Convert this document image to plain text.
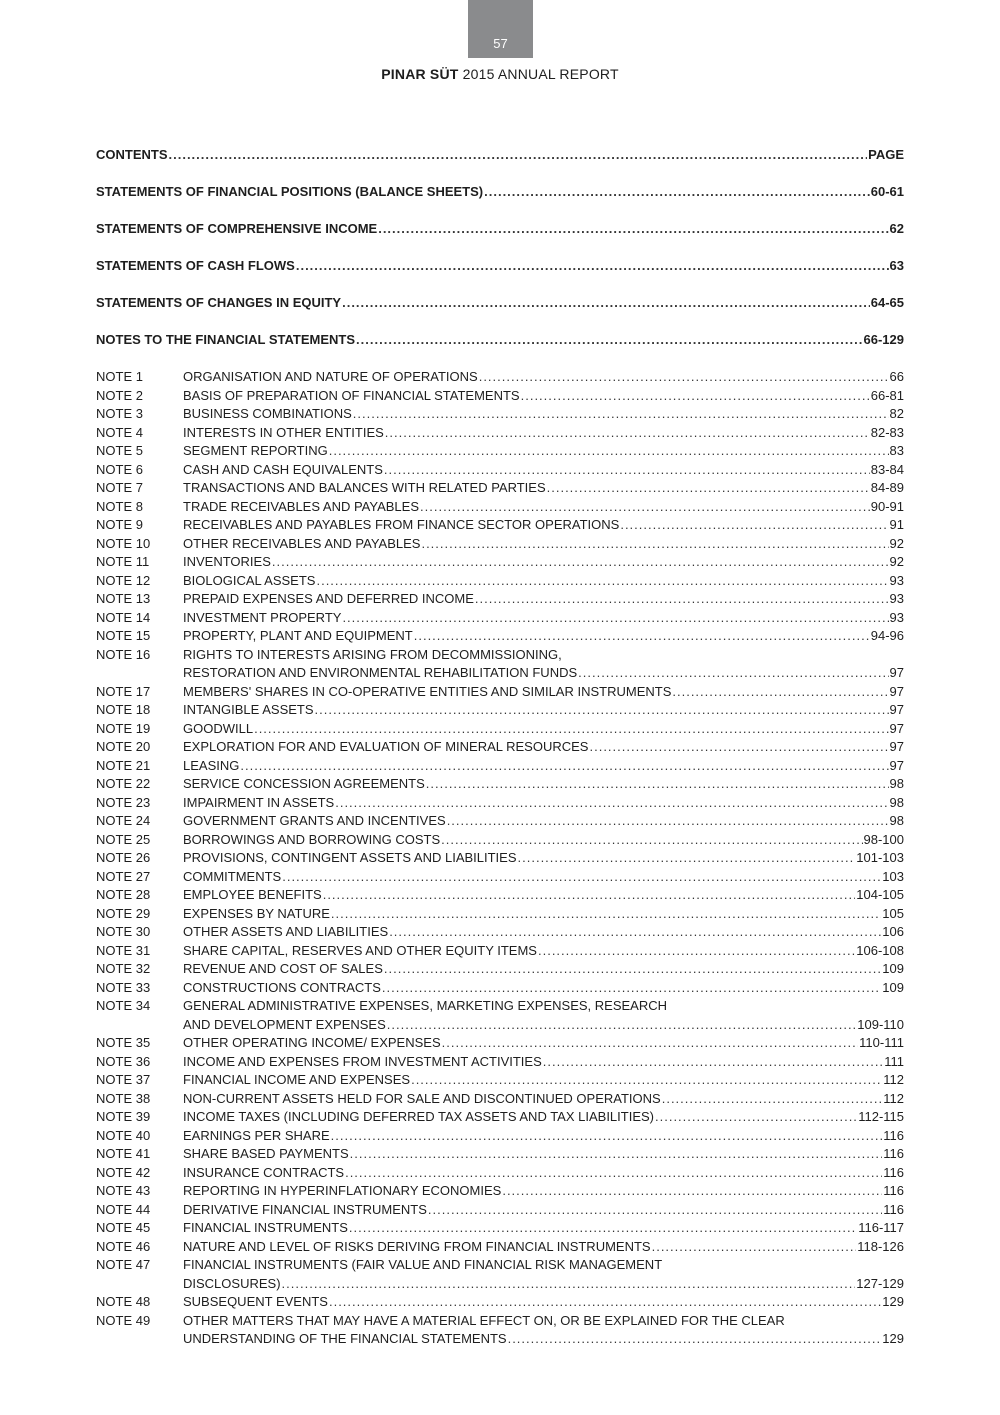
57
PINAR SÜT 2015 ANNUAL REPORT
CONTENTS .....	PAGE
STATEMENTS OF FINANCIAL POSITIONS (BALANCE SHEETS) .....	60-61
STATEMENTS OF COMPREHENSIVE INCOME .....	62
STATEMENTS OF CASH FLOWS .....	63
STATEMENTS OF CHANGES IN EQUITY .....	64-65
NOTES TO THE FINANCIAL STATEMENTS .....	66-129
NOTE 1	ORGANISATION AND NATURE OF OPERATIONS .....	66
NOTE 2	BASIS OF PREPARATION OF FINANCIAL STATEMENTS .....	66-81
NOTE 3	BUSINESS COMBINATIONS .....	82
NOTE 4	INTERESTS IN OTHER ENTITIES .....	82-83
NOTE 5	SEGMENT REPORTING .....	83
NOTE 6	CASH AND CASH EQUIVALENTS .....	83-84
NOTE 7	TRANSACTIONS AND BALANCES WITH RELATED PARTIES .....	84-89
NOTE 8	TRADE RECEIVABLES AND PAYABLES .....	90-91
NOTE 9	RECEIVABLES AND PAYABLES FROM FINANCE SECTOR OPERATIONS .....	91
NOTE 10	OTHER RECEIVABLES AND PAYABLES .....	92
NOTE 11	INVENTORIES .....	92
NOTE 12	BIOLOGICAL ASSETS .....	93
NOTE 13	PREPAID EXPENSES AND DEFERRED INCOME .....	93
NOTE 14	INVESTMENT PROPERTY .....	93
NOTE 15	PROPERTY, PLANT AND EQUIPMENT .....	94-96
NOTE 16	RIGHTS TO INTERESTS ARISING FROM DECOMMISSIONING,
RESTORATION AND ENVIRONMENTAL REHABILITATION FUNDS .....	97
NOTE 17	MEMBERS' SHARES IN CO-OPERATIVE ENTITIES AND SIMILAR INSTRUMENTS .....	97
NOTE 18	INTANGIBLE ASSETS .....	97
NOTE 19	GOODWILL .....	97
NOTE 20	EXPLORATION FOR AND EVALUATION OF MINERAL RESOURCES .....	97
NOTE 21	LEASING .....	97
NOTE 22	SERVICE CONCESSION AGREEMENTS .....	98
NOTE 23	IMPAIRMENT IN ASSETS .....	98
NOTE 24	GOVERNMENT GRANTS AND INCENTIVES .....	98
NOTE 25	BORROWINGS AND BORROWING COSTS .....	98-100
NOTE 26	PROVISIONS, CONTINGENT ASSETS AND LIABILITIES .....	101-103
NOTE 27	COMMITMENTS .....	103
NOTE 28	EMPLOYEE BENEFITS .....	104-105
NOTE 29	EXPENSES BY NATURE .....	105
NOTE 30	OTHER ASSETS AND LIABILITIES .....	106
NOTE 31	SHARE CAPITAL, RESERVES AND OTHER EQUITY ITEMS .....	106-108
NOTE 32	REVENUE AND COST OF SALES .....	109
NOTE 33	CONSTRUCTIONS CONTRACTS .....	109
NOTE 34	GENERAL ADMINISTRATIVE EXPENSES, MARKETING EXPENSES, RESEARCH
AND DEVELOPMENT EXPENSES .....	109-110
NOTE 35	OTHER OPERATING INCOME/ EXPENSES .....	110-111
NOTE 36	INCOME AND EXPENSES FROM INVESTMENT ACTIVITIES .....	111
NOTE 37	FINANCIAL INCOME AND EXPENSES .....	112
NOTE 38	NON-CURRENT ASSETS HELD FOR SALE AND DISCONTINUED OPERATIONS .....	112
NOTE 39	INCOME TAXES (INCLUDING DEFERRED TAX ASSETS AND TAX LIABILITIES) .....	112-115
NOTE 40	EARNINGS PER SHARE .....	116
NOTE 41	SHARE BASED PAYMENTS .....	116
NOTE 42	INSURANCE CONTRACTS .....	116
NOTE 43	REPORTING IN HYPERINFLATIONARY ECONOMIES .....	116
NOTE 44	DERIVATIVE FINANCIAL INSTRUMENTS .....	116
NOTE 45	FINANCIAL INSTRUMENTS .....	116-117
NOTE 46	NATURE AND LEVEL OF RISKS DERIVING FROM FINANCIAL INSTRUMENTS .....	118-126
NOTE 47	FINANCIAL INSTRUMENTS (FAIR VALUE AND FINANCIAL RISK MANAGEMENT
DISCLOSURES) .....	127-129
NOTE 48	SUBSEQUENT EVENTS .....	129
NOTE 49	OTHER MATTERS THAT MAY HAVE A MATERIAL EFFECT ON, OR BE EXPLAINED FOR THE CLEAR
UNDERSTANDING OF THE FINANCIAL STATEMENTS .....	129
